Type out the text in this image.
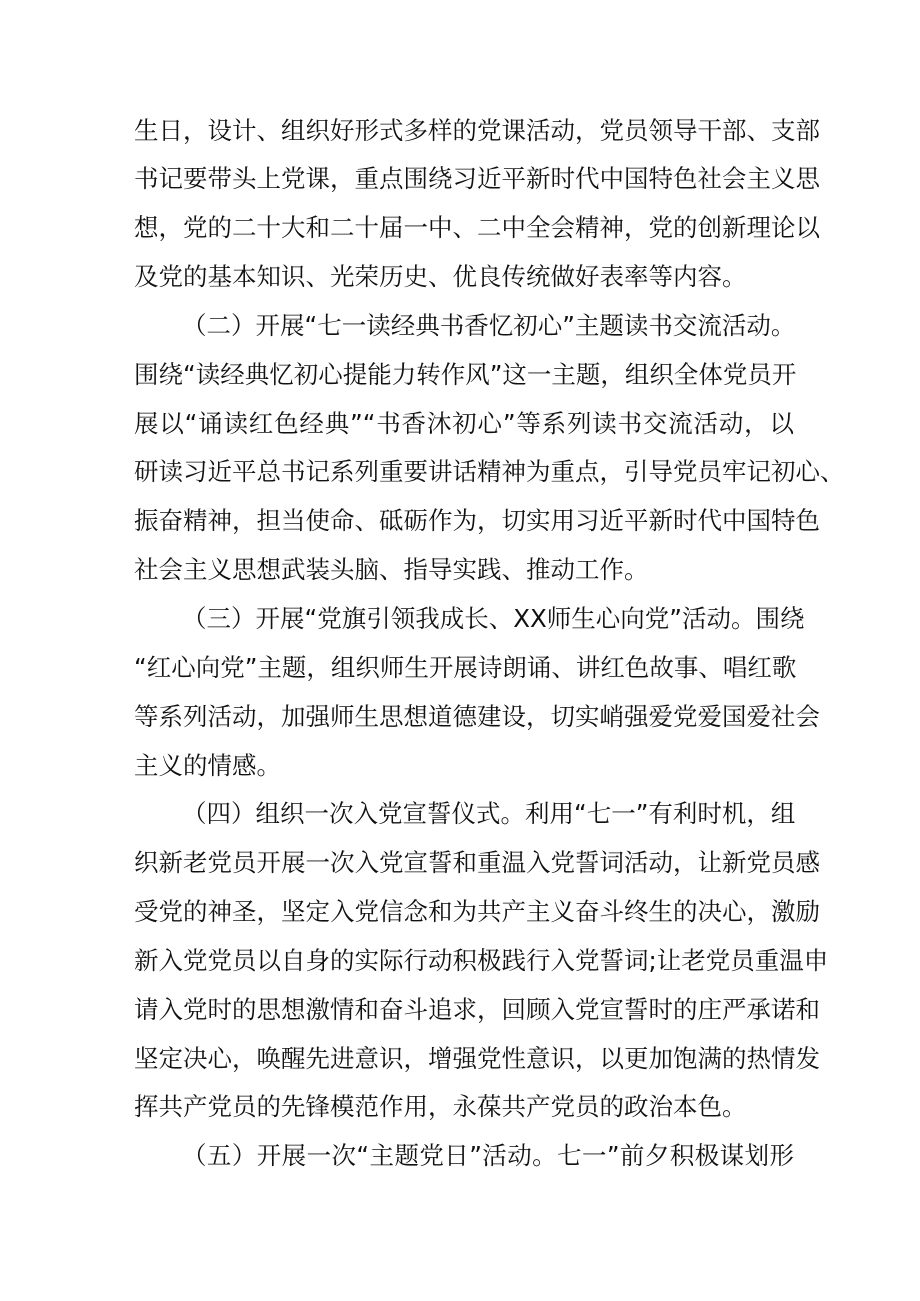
生日，设计、组织好形式多样的党课活动，党员领导干部、支部

书记要带头上党课，重点围绕习近平新时代中国特色社会主义思

想，党的二十大和二十届一中、二中全会精神，党的创新理论以

及党的基本知识、光荣历史、优良传统做好表率等内容。

（二）开展“七一读经典书香忆初心”主题读书交流活动。

围绕“读经典忆初心提能力转作风”这一主题，组织全体党员开

展以“诵读红色经典”“书香沐初心”等系列读书交流活动，以

研读习近平总书记系列重要讲话精神为重点，引导党员牢记初心、

振奋精神，担当使命、砥砺作为，切实用习近平新时代中国特色

社会主义思想武装头脑、指导实践、推动工作。

（三）开展“党旗引领我成长、XX师生心向党”活动。围绕

“红心向党”主题，组织师生开展诗朗诵、讲红色故事、唱红歌

等系列活动，加强师生思想道德建设，切实峭强爱党爱国爱社会

主义的情感。

（四）组织一次入党宣誓仪式。利用“七一”有利时机，组

织新老党员开展一次入党宣誓和重温入党誓词活动，让新党员感

受党的神圣，坚定入党信念和为共产主义奋斗终生的决心，激励

新入党党员以自身的实际行动积极践行入党誓词;让老党员重温申

请入党时的思想激情和奋斗追求，回顾入党宣誓时的庄严承诺和

坚定决心，唤醒先进意识，增强党性意识，以更加饱满的热情发

挥共产党员的先锋模范作用，永葆共产党员的政治本色。

（五）开展一次“主题党日”活动。七一”前夕积极谋划形
